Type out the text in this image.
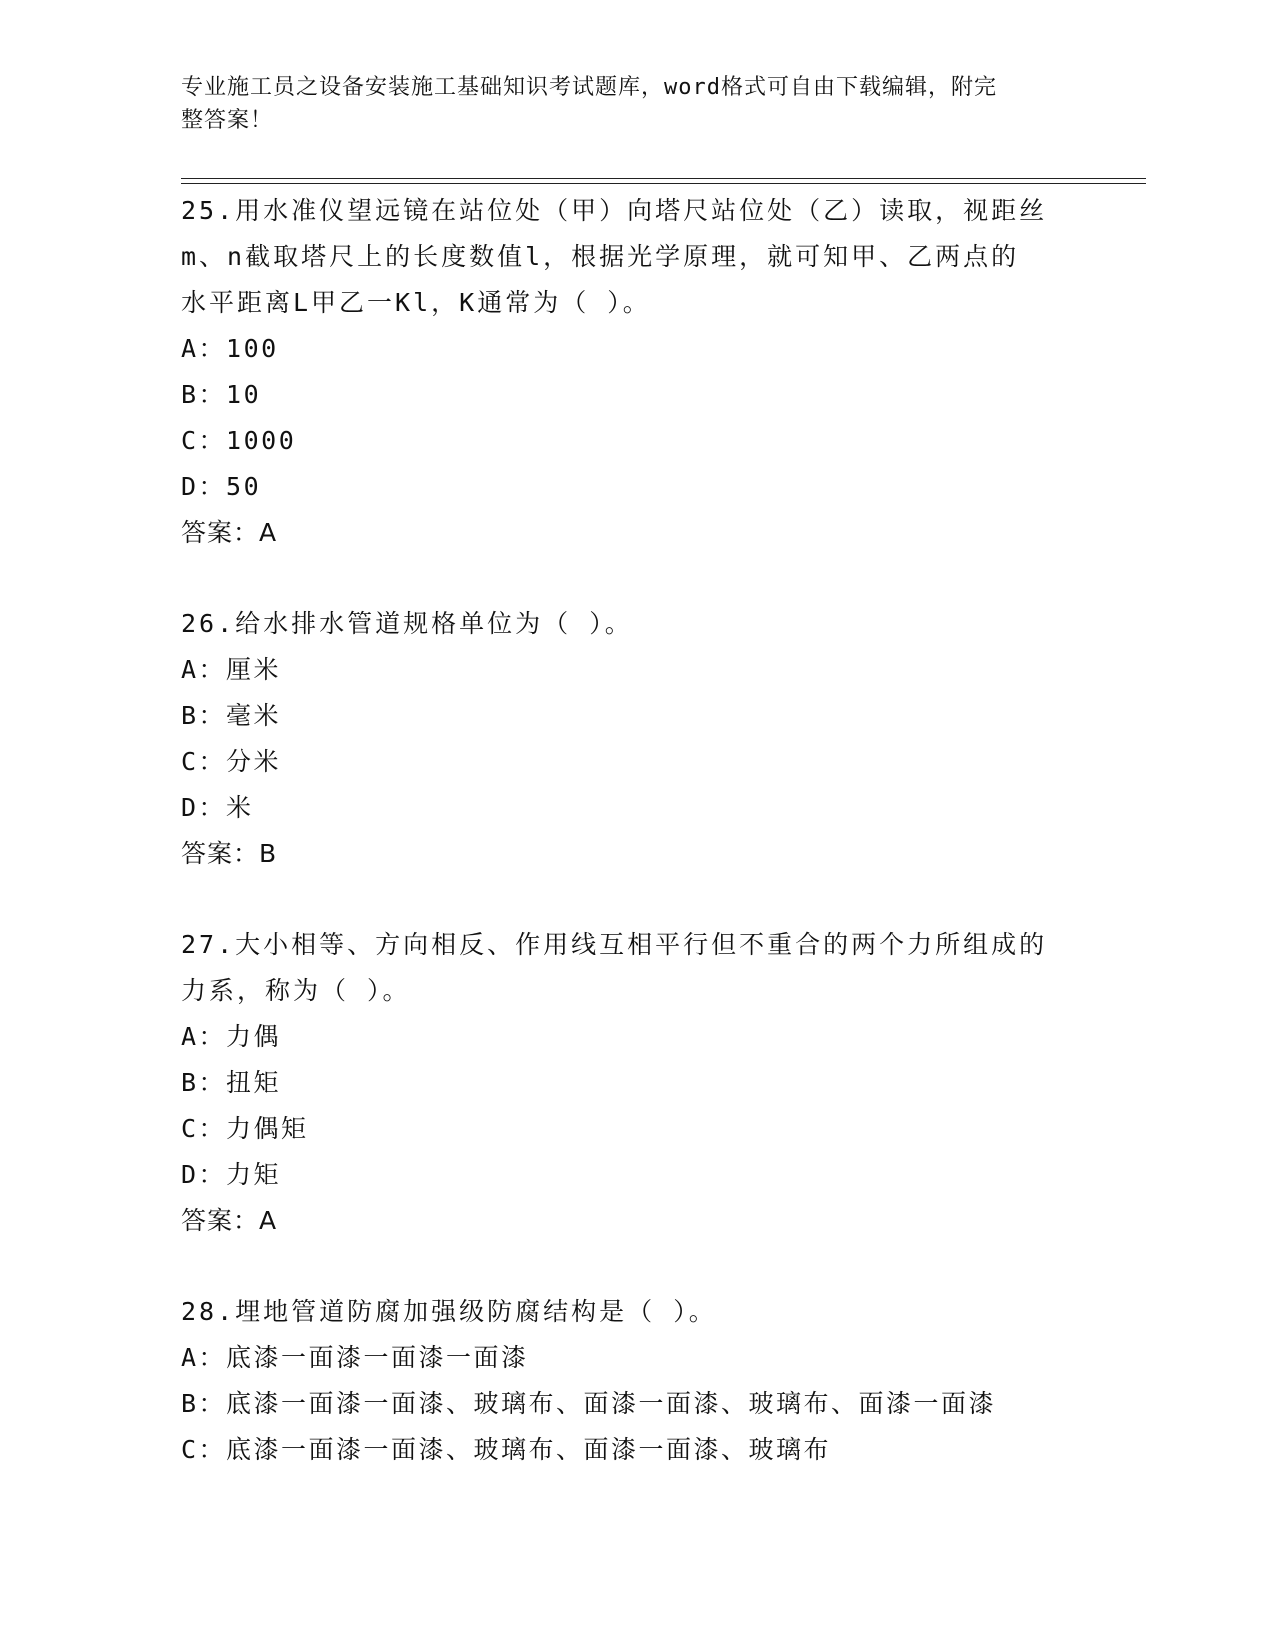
专业施工员之设备安装施工基础知识考试题库，word格式可自由下载编辑，附完
整答案！
25.用水准仪望远镜在站位处（甲）向塔尺站位处（乙）读取，视距丝
m、n截取塔尺上的长度数值l，根据光学原理，就可知甲、乙两点的
水平距离L甲乙一Kl，K通常为（ ）。
A：100
B：10
C：1000
D：50
答案：A
26.给水排水管道规格单位为（ ）。
A：厘米
B：毫米
C：分米
D：米
答案：B
27.大小相等、方向相反、作用线互相平行但不重合的两个力所组成的
力系，称为（ ）。
A：力偶
B：扭矩
C：力偶矩
D：力矩
答案：A
28.埋地管道防腐加强级防腐结构是（ ）。
A：底漆一面漆一面漆一面漆
B：底漆一面漆一面漆、玻璃布、面漆一面漆、玻璃布、面漆一面漆
C：底漆一面漆一面漆、玻璃布、面漆一面漆、玻璃布
